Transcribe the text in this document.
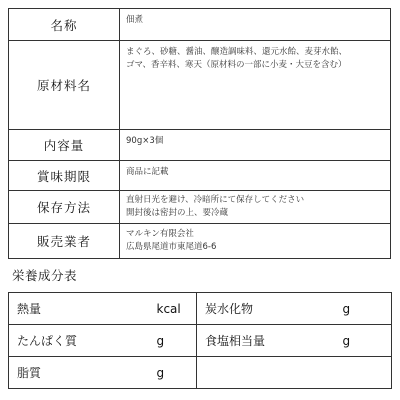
名称	佃煮

原材料名	まぐろ、砂糖、醤油、醸造調味料、還元水飴、麦芽水飴、
ゴマ、香辛料、寒天（原材料の一部に小麦・大豆を含む）

内容量	90g×3個

賞味期限	商品に記載

保存方法	直射日光を避け、冷暗所にて保存してください
開封後は密封の上、要冷蔵

販売業者	マルキン有限会社
広島県尾道市東尾道6-6
栄養成分表
熱量	kcal	炭水化物	g
たんぱく質	g	食塩相当量	g
脂質	g		
